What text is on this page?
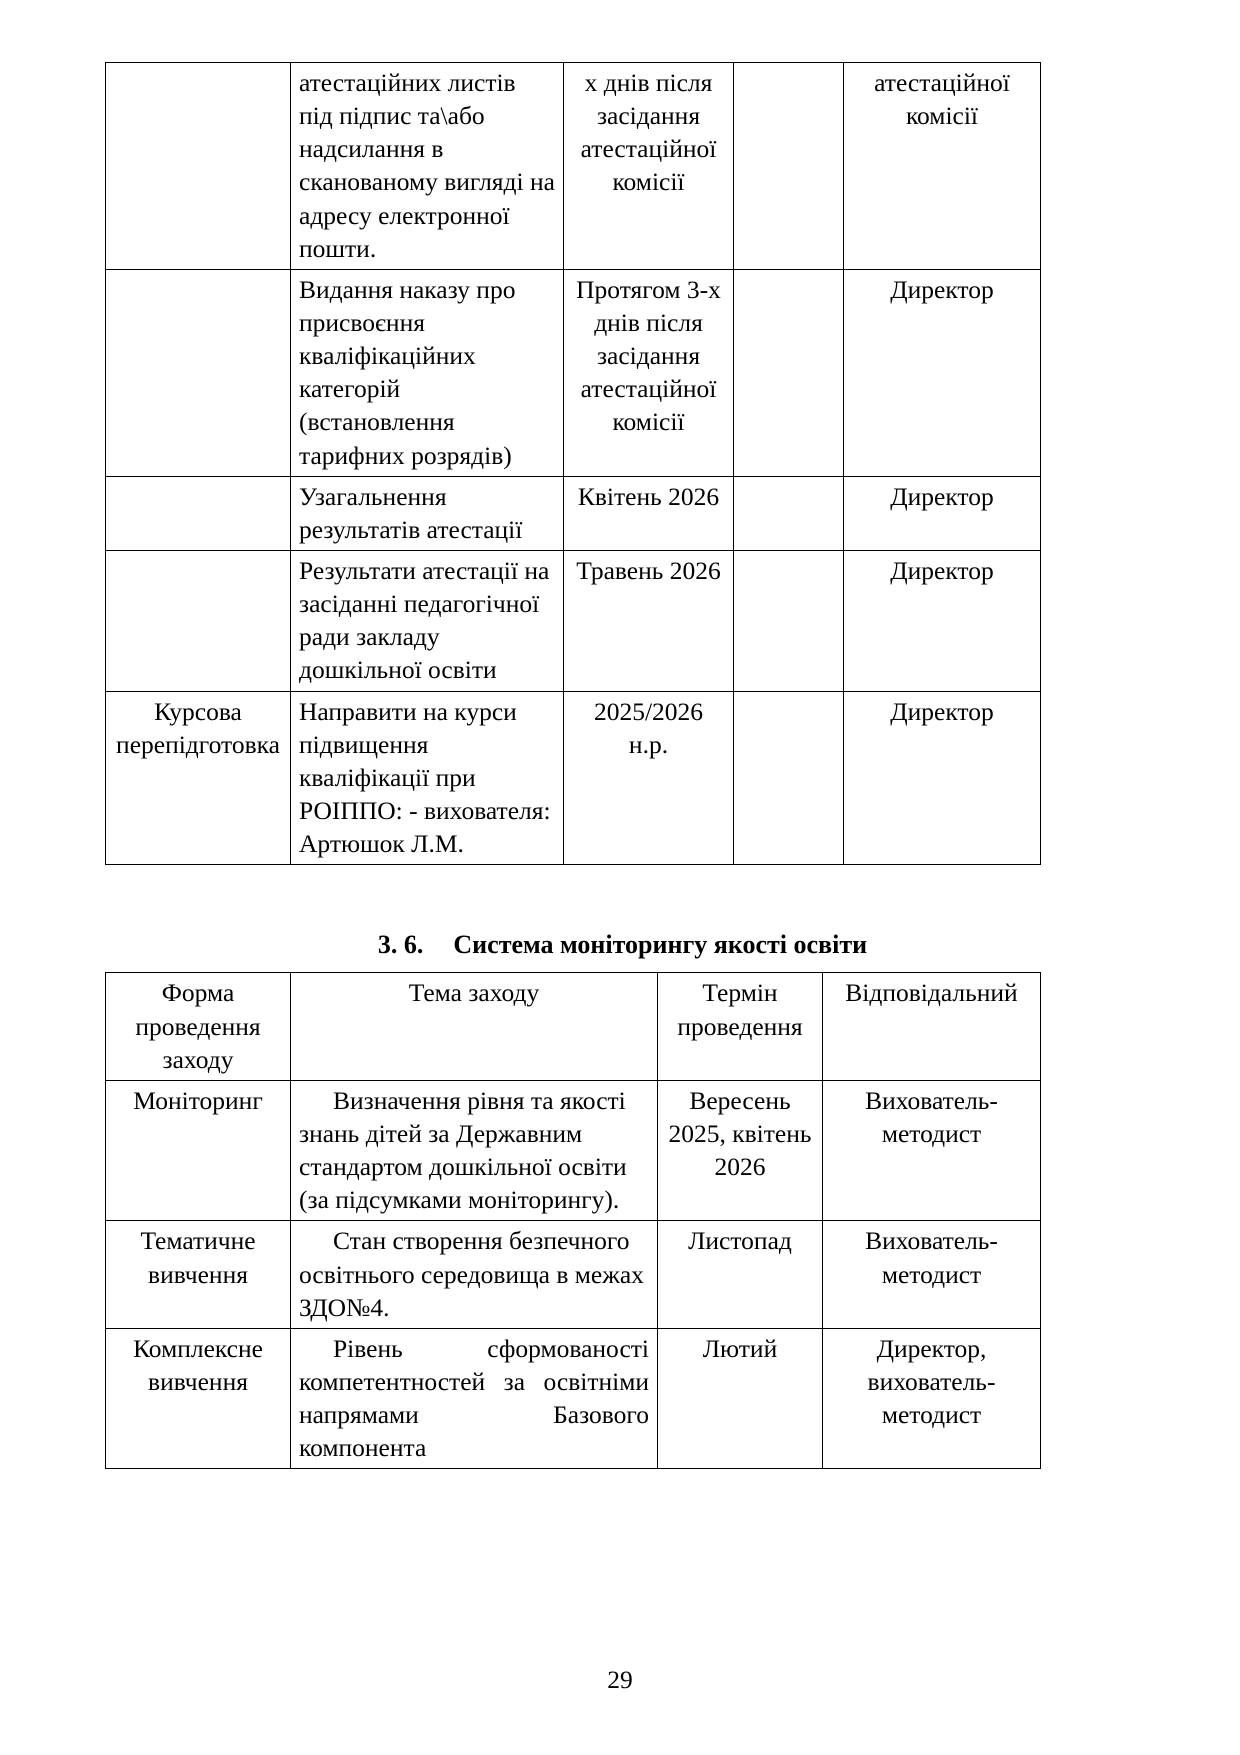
	атестаційних листів під підпис та\або надсилання в сканованому вигляді на адресу електронної пошти.	х днів після засідання атестаційної комісії		атестаційної комісії
	Видання наказу про присвоєння кваліфікаційних категорій (встановлення тарифних розрядів)	Протягом 3-х днів після засідання атестаційної комісії		Директор
	Узагальнення результатів атестації	Квітень 2026		Директор
	Результати атестації на засіданні педагогічної ради закладу дошкільної освіти	Травень 2026		Директор
Курсова перепідготовка	Направити на курси підвищення кваліфікації при РОІППО: - вихователя: Артюшок Л.М.	2025/2026 н.р.		Директор
3. 6. Система моніторингу якості освіти
Форма проведення заходу	Тема заходу	Термін проведення	Відповідальний
Моніторинг	Визначення рівня та якості знань дітей за Державним стандартом дошкільної освіти (за підсумками моніторингу).	Вересень 2025, квітень 2026	Вихователь-методист
Тематичне вивчення	Стан створення безпечного освітнього середовища в межах ЗДО№4.	Листопад	Вихователь-методист
Комплексне вивчення	Рівень сформованості компетентностей за освітніми напрямами Базового компонента	Лютий	Директор, вихователь-методист
29
